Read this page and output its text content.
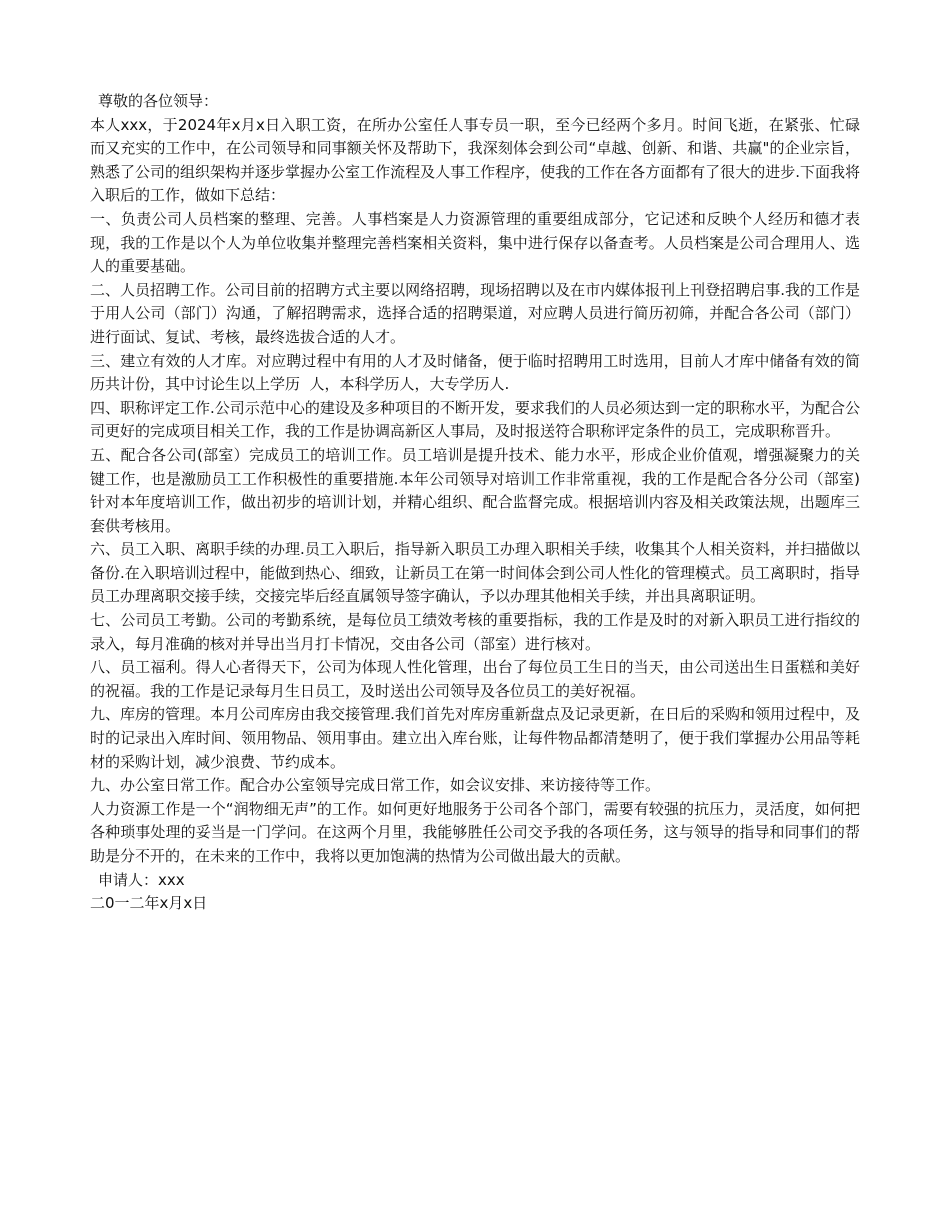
尊敬的各位领导：

本人xxx，于2024年x月x日入职工资，在所办公室任人事专员一职，至今已经两个多月。时间飞逝，在紧张、忙碌而又充实的工作中，在公司领导和同事额关怀及帮助下，我深刻体会到公司“卓越、创新、和谐、共赢"的企业宗旨，熟悉了公司的组织架构并逐步掌握办公室工作流程及人事工作程序，使我的工作在各方面都有了很大的进步.下面我将入职后的工作，做如下总结：

一、负责公司人员档案的整理、完善。人事档案是人力资源管理的重要组成部分，它记述和反映个人经历和德才表现，我的工作是以个人为单位收集并整理完善档案相关资料，集中进行保存以备查考。人员档案是公司合理用人、选人的重要基础。

二、人员招聘工作。公司目前的招聘方式主要以网络招聘，现场招聘以及在市内媒体报刊上刊登招聘启事.我的工作是于用人公司（部门）沟通，了解招聘需求，选择合适的招聘渠道，对应聘人员进行简历初筛，并配合各公司（部门）进行面试、复试、考核，最终选拔合适的人才。

三、建立有效的人才库。对应聘过程中有用的人才及时储备，便于临时招聘用工时选用，目前人才库中储备有效的简历共计份，其中讨论生以上学历  人，本科学历人，大专学历人.

四、职称评定工作.公司示范中心的建设及多种项目的不断开发，要求我们的人员必须达到一定的职称水平，为配合公司更好的完成项目相关工作，我的工作是协调高新区人事局，及时报送符合职称评定条件的员工，完成职称晋升。

五、配合各公司(部室）完成员工的培训工作。员工培训是提升技术、能力水平，形成企业价值观，增强凝聚力的关键工作，也是激励员工工作积极性的重要措施.本年公司领导对培训工作非常重视，我的工作是配合各分公司（部室)针对本年度培训工作，做出初步的培训计划，并精心组织、配合监督完成。根据培训内容及相关政策法规，出题库三套供考核用。

六、员工入职、离职手续的办理.员工入职后，指导新入职员工办理入职相关手续，收集其个人相关资料，并扫描做以备份.在入职培训过程中，能做到热心、细致，让新员工在第一时间体会到公司人性化的管理模式。员工离职时，指导员工办理离职交接手续，交接完毕后经直属领导签字确认，予以办理其他相关手续，并出具离职证明。

七、公司员工考勤。公司的考勤系统，是每位员工绩效考核的重要指标，我的工作是及时的对新入职员工进行指纹的录入，每月准确的核对并导出当月打卡情况，交由各公司（部室）进行核对。

八、员工福利。得人心者得天下，公司为体现人性化管理，出台了每位员工生日的当天，由公司送出生日蛋糕和美好的祝福。我的工作是记录每月生日员工，及时送出公司领导及各位员工的美好祝福。

九、库房的管理。本月公司库房由我交接管理.我们首先对库房重新盘点及记录更新，在日后的采购和领用过程中，及时的记录出入库时间、领用物品、领用事由。建立出入库台账，让每件物品都清楚明了，便于我们掌握办公用品等耗材的采购计划，减少浪费、节约成本。

九、办公室日常工作。配合办公室领导完成日常工作，如会议安排、来访接待等工作。

人力资源工作是一个“润物细无声”的工作。如何更好地服务于公司各个部门，需要有较强的抗压力，灵活度，如何把各种琐事处理的妥当是一门学问。在这两个月里，我能够胜任公司交予我的各项任务，这与领导的指导和同事们的帮助是分不开的，在未来的工作中，我将以更加饱满的热情为公司做出最大的贡献。

申请人：xxx

二0一二年x月x日
